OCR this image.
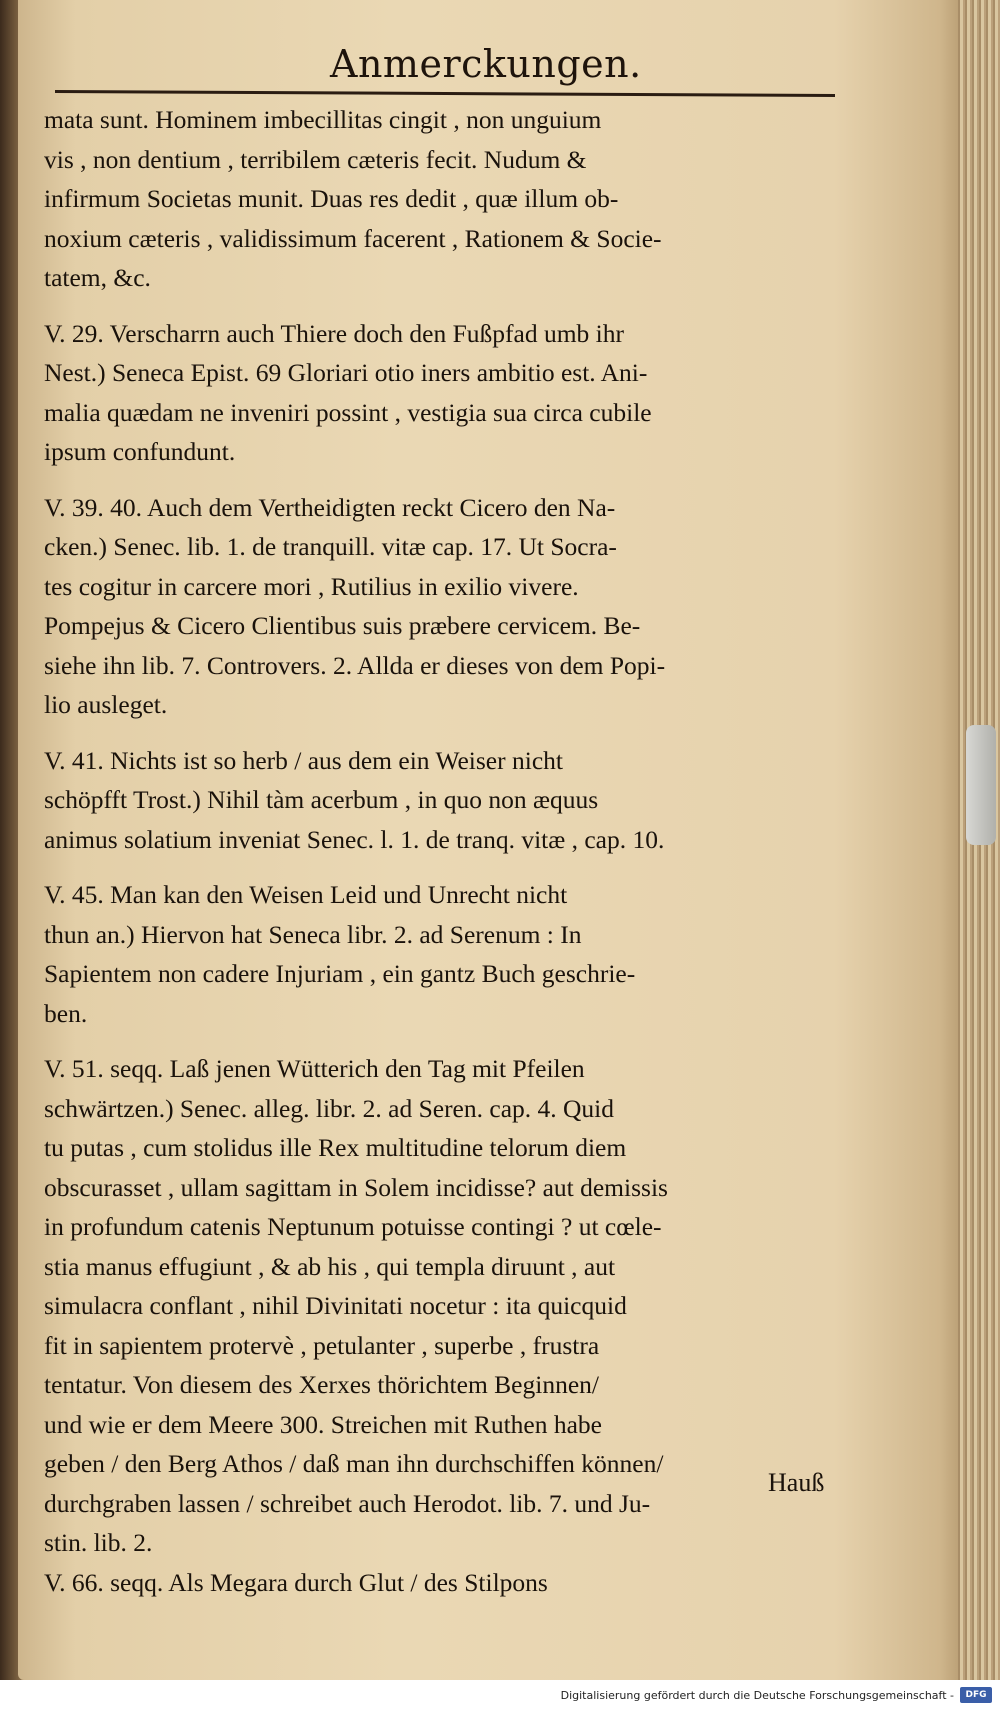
Anmerckungen.
mata sunt. Hominem imbecillitas cingit , non unguium
vis , non dentium , terribilem cæteris fecit. Nudum &
infirmum Societas munit. Duas res dedit , quæ illum ob-
noxium cæteris , validissimum facerent , Rationem & Socie-
tatem, &c.
V. 29. Verscharrn auch Thiere doch den Fußpfad umb ihr
Nest.) Seneca Epist. 69 Gloriari otio iners ambitio est. Ani-
malia quædam ne inveniri possint , vestigia sua circa cubile
ipsum confundunt.
V. 39. 40. Auch dem Vertheidigten reckt Cicero den Na-
cken.) Senec. lib. 1. de tranquill. vitæ cap. 17. Ut Socra-
tes cogitur in carcere mori , Rutilius in exilio vivere.
Pompejus & Cicero Clientibus suis præbere cervicem. Be-
siehe ihn lib. 7. Controvers. 2. Allda er dieses von dem Popi-
lio ausleget.
V. 41. Nichts ist so herb / aus dem ein Weiser nicht
schöpfft Trost.) Nihil tàm acerbum , in quo non æquus
animus solatium inveniat Senec. l. 1. de tranq. vitæ , cap. 10.
V. 45. Man kan den Weisen Leid und Unrecht nicht
thun an.) Hiervon hat Seneca libr. 2. ad Serenum : In
Sapientem non cadere Injuriam , ein gantz Buch geschrie-
ben.
V. 51. seqq. Laß jenen Wütterich den Tag mit Pfeilen
schwärtzen.) Senec. alleg. libr. 2. ad Seren. cap. 4. Quid
tu putas , cum stolidus ille Rex multitudine telorum diem
obscurasset , ullam sagittam in Solem incidisse? aut demissis
in profundum catenis Neptunum potuisse contingi ? ut cœle-
stia manus effugiunt , & ab his , qui templa diruunt , aut
simulacra conflant , nihil Divinitati nocetur : ita quicquid
fit in sapientem protervè , petulanter , superbe , frustra
tentatur. Von diesem des Xerxes thörichtem Beginnen/
und wie er dem Meere 300. Streichen mit Ruthen habe
geben / den Berg Athos / daß man ihn durchschiffen können/
durchgraben lassen / schreibet auch Herodot. lib. 7. und Ju-
stin. lib. 2.
V. 66. seqq. Als Megara durch Glut / des Stilpons
Hauß
Digitalisierung gefördert durch die Deutsche Forschungsgemeinschaft -	DFG
